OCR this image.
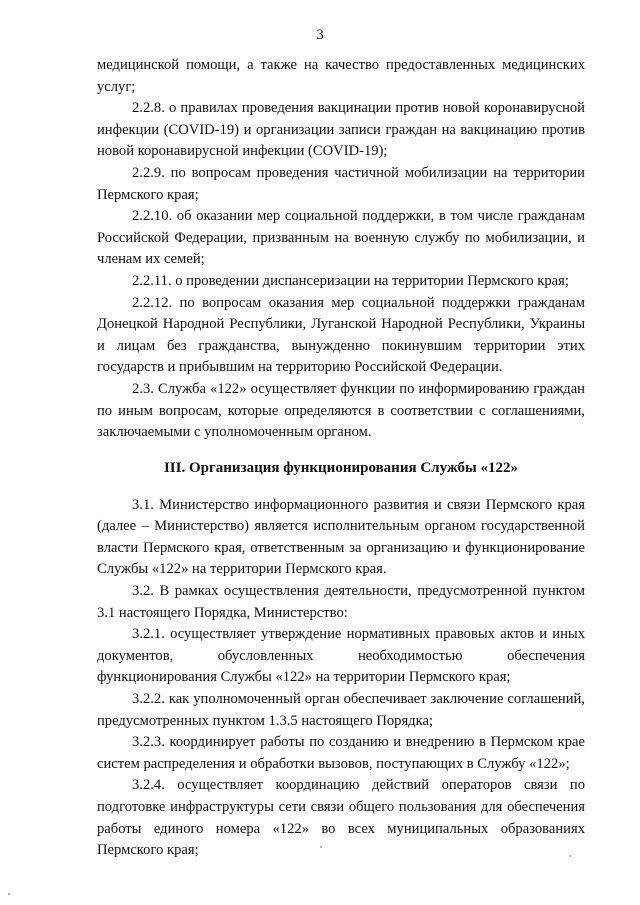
3

медицинской помощи, а также на качество предоставленных медицинских услуг;

2.2.8. о правилах проведения вакцинации против новой коронавирусной инфекции (COVID-19) и организации записи граждан на вакцинацию против новой коронавирусной инфекции (COVID-19);

2.2.9. по вопросам проведения частичной мобилизации на территории Пермского края;

2.2.10. об оказании мер социальной поддержки, в том числе гражданам Российской Федерации, призванным на военную службу по мобилизации, и членам их семей;

2.2.11. о проведении диспансеризации на территории Пермского края;

2.2.12. по вопросам оказания мер социальной поддержки гражданам Донецкой Народной Республики, Луганской Народной Республики, Украины и лицам без гражданства, вынужденно покинувшим территории этих государств и прибывшим на территорию Российской Федерации.

2.3. Служба «122» осуществляет функции по информированию граждан по иным вопросам, которые определяются в соответствии с соглашениями, заключаемыми с уполномоченным органом.

III. Организация функционирования Службы «122»

3.1. Министерство информационного развития и связи Пермского края (далее – Министерство) является исполнительным органом государственной власти Пермского края, ответственным за организацию и функционирование Службы «122» на территории Пермского края.

3.2. В рамках осуществления деятельности, предусмотренной пунктом 3.1 настоящего Порядка, Министерство:

3.2.1. осуществляет утверждение нормативных правовых актов и иных документов, обусловленных необходимостью обеспечения функционирования Службы «122» на территории Пермского края;

3.2.2. как уполномоченный орган обеспечивает заключение соглашений, предусмотренных пунктом 1.3.5 настоящего Порядка;

3.2.3. координирует работы по созданию и внедрению в Пермском крае систем распределения и обработки вызовов, поступающих в Службу «122»;

3.2.4. осуществляет координацию действий операторов связи по подготовке инфраструктуры сети связи общего пользования для обеспечения работы единого номера «122» во всех муниципальных образованиях Пермского края;
